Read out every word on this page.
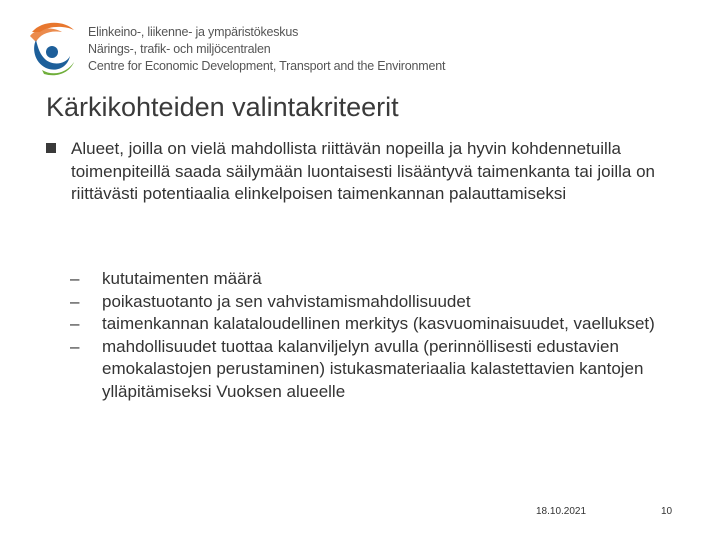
Elinkeino-, liikenne- ja ympäristökeskus
Närings-, trafik- och miljöcentralen
Centre for Economic Development, Transport and the Environment
Kärkikohteiden valintakriteerit
Alueet, joilla on vielä mahdollista riittävän nopeilla ja hyvin kohdennetuilla toimenpiteillä saada säilymään luontaisesti lisääntyvä taimenkanta tai joilla on riittävästi potentiaalia elinkelpoisen taimenkannan palauttamiseksi
– kututaimenten määrä
– poikastuotanto ja sen vahvistamismahdollisuudet
– taimenkannan kalataloudellinen merkitys (kasvuominaisuudet, vaellukset)
– mahdollisuudet tuottaa kalanviljelyn avulla (perinnöllisesti edustavien emokalastojen perustaminen) istukasmateriaalia kalastettavien kantojen ylläpitämiseksi Vuoksen alueelle
18.10.2021	10
